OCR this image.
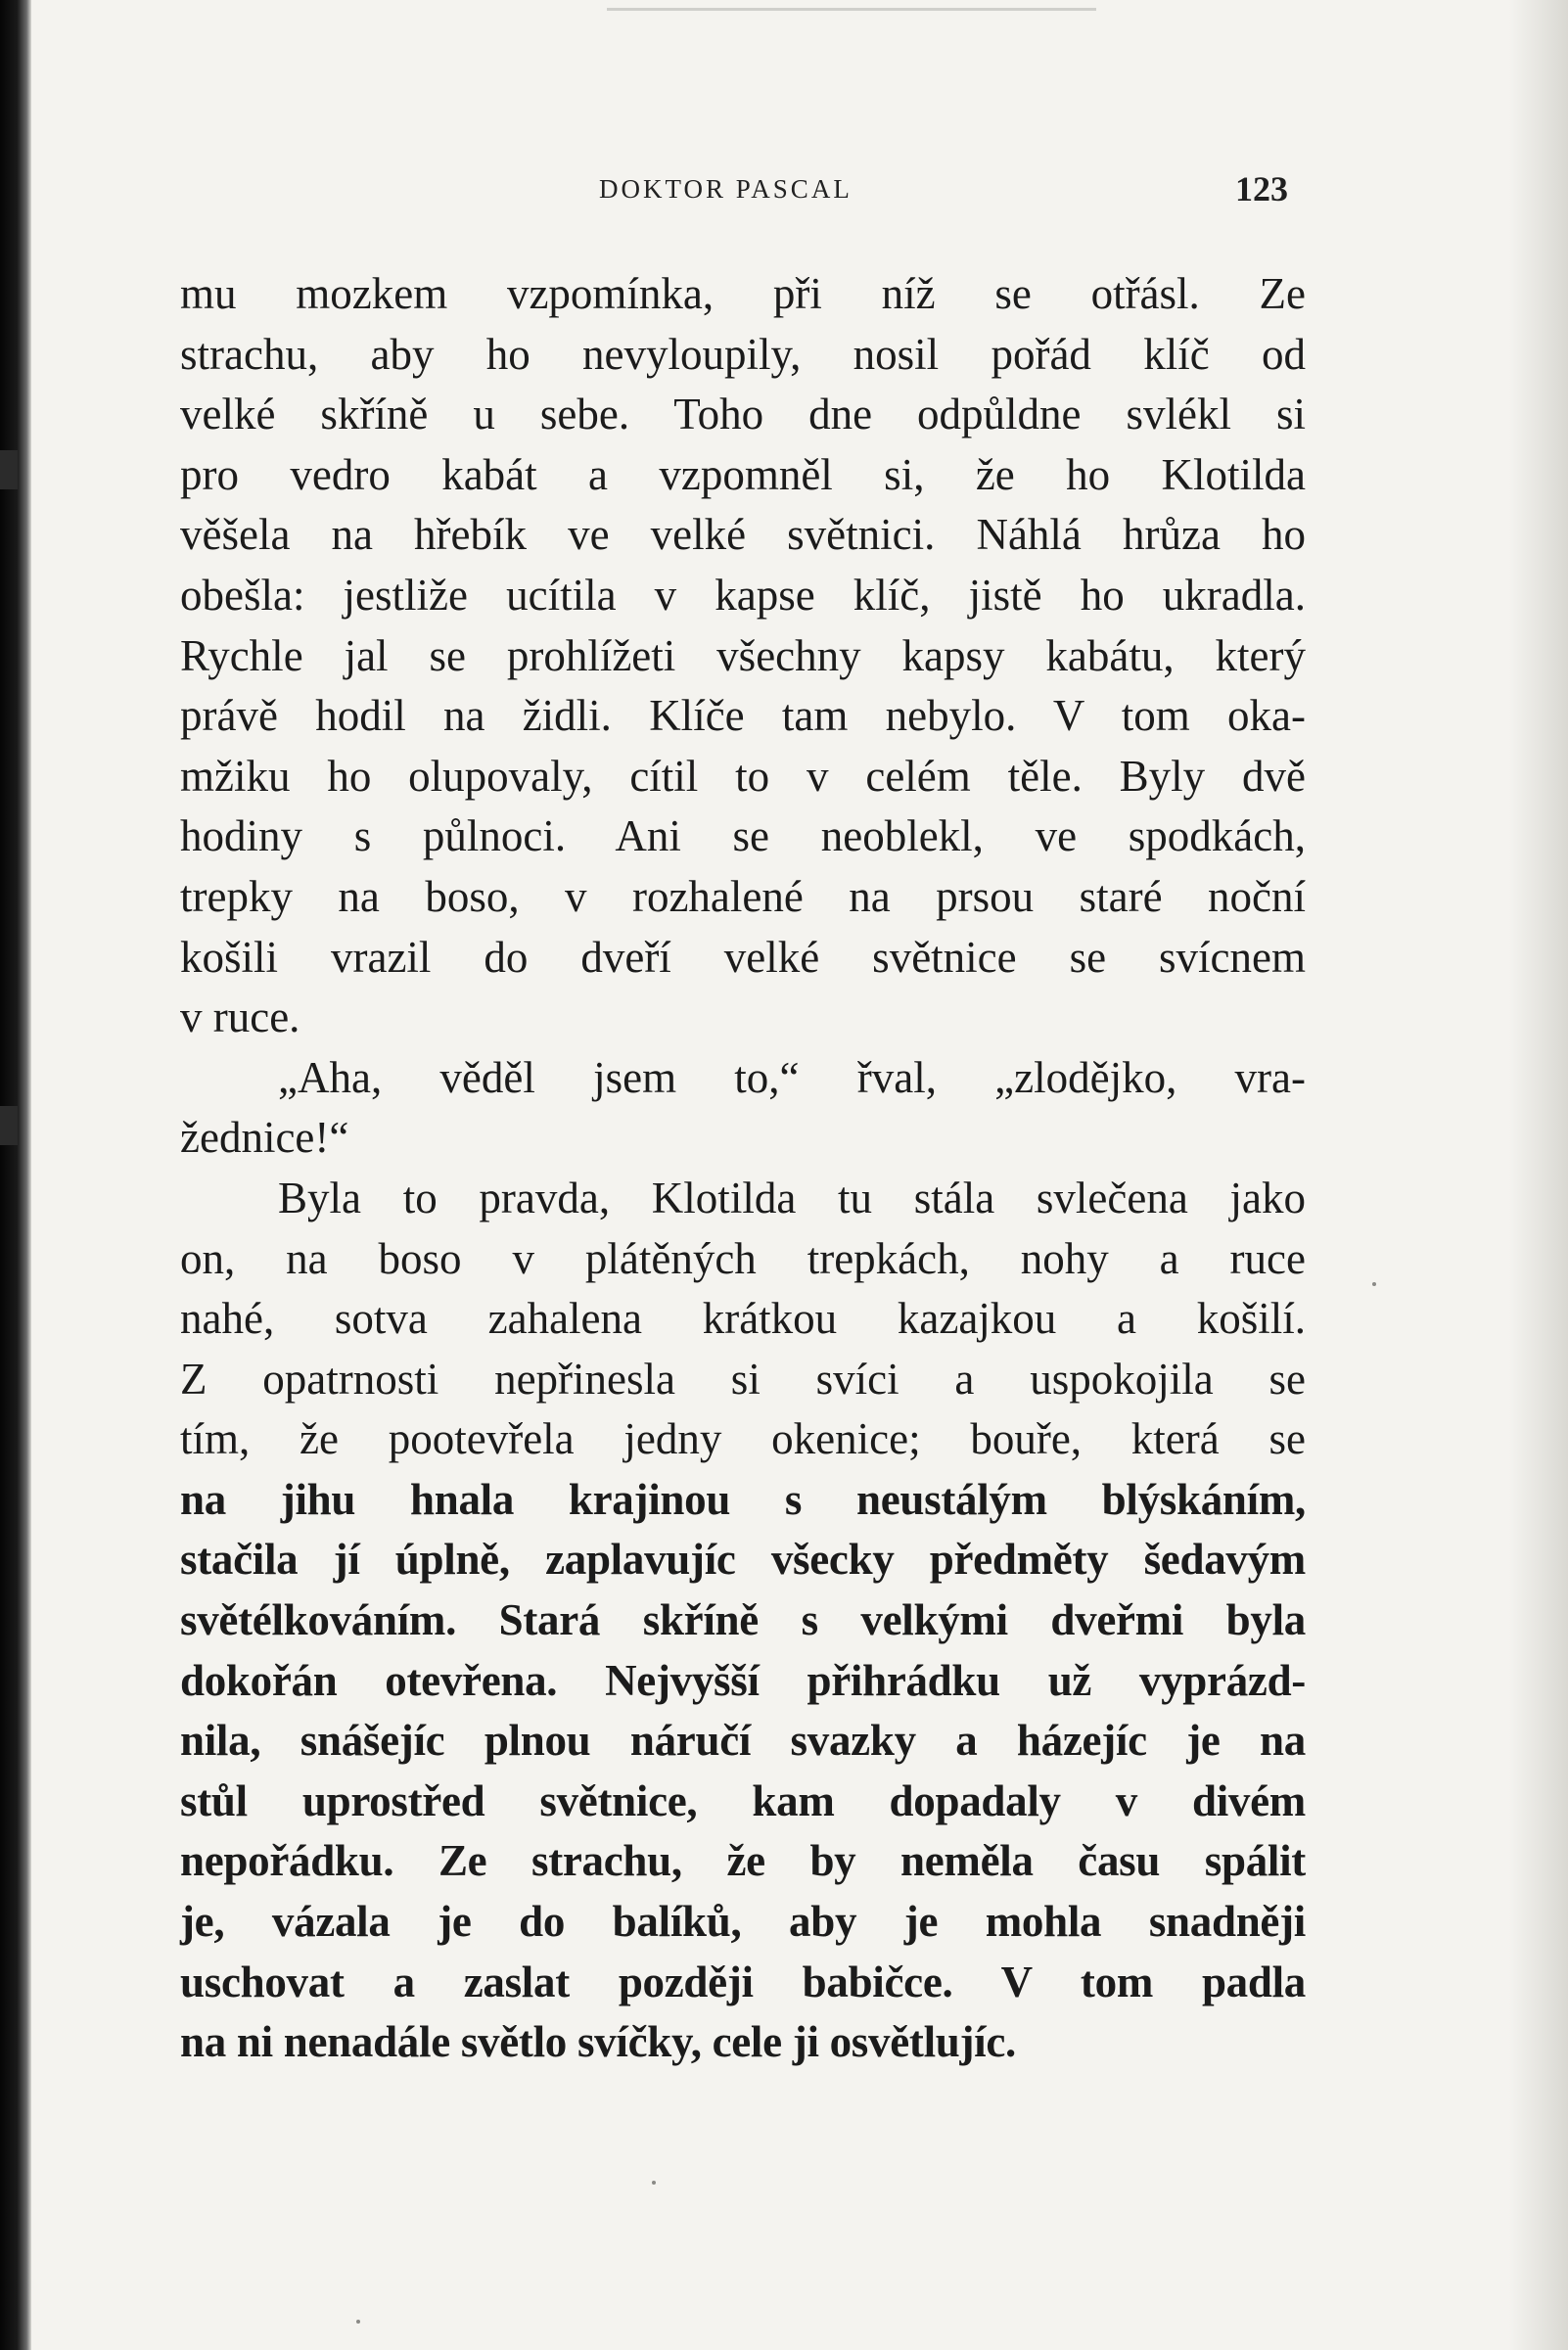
DOKTOR PASCAL	123
mu mozkem vzpomínka, při níž se otřásl. Ze
strachu, aby ho nevyloupily, nosil pořád klíč od
velké skříně u sebe. Toho dne odpůldne svlékl si
pro vedro kabát a vzpomněl si, že ho Klotilda
věšela na hřebík ve velké světnici. Náhlá hrůza ho
obešla: jestliže ucítila v kapse klíč, jistě ho ukradla.
Rychle jal se prohlížeti všechny kapsy kabátu, který
právě hodil na židli. Klíče tam nebylo. V tom oka-
mžiku ho olupovaly, cítil to v celém těle. Byly dvě
hodiny s půlnoci. Ani se neoblekl, ve spodkách,
trepky na boso, v rozhalené na prsou staré noční
košili vrazil do dveří velké světnice se svícnem
v ruce.
„Aha, věděl jsem to,“ řval, „zlodějko, vra-
žednice!“
Byla to pravda, Klotilda tu stála svlečena jako
on, na boso v plátěných trepkách, nohy a ruce
nahé, sotva zahalena krátkou kazajkou a košilí.
Z opatrnosti nepřinesla si svíci a uspokojila se
tím, že pootevřela jedny okenice; bouře, která se
na jihu hnala krajinou s neustálým blýskáním,
stačila jí úplně, zaplavujíc všecky předměty šedavým
světélkováním. Stará skříně s velkými dveřmi byla
dokořán otevřena. Nejvyšší přihrádku už vyprázd-
nila, snášejíc plnou náručí svazky a házejíc je na
stůl uprostřed světnice, kam dopadaly v divém
nepořádku. Ze strachu, že by neměla času spálit
je, vázala je do balíků, aby je mohla snadněji
uschovat a zaslat později babičce. V tom padla
na ni nenadále světlo svíčky, cele ji osvětlujíc.
